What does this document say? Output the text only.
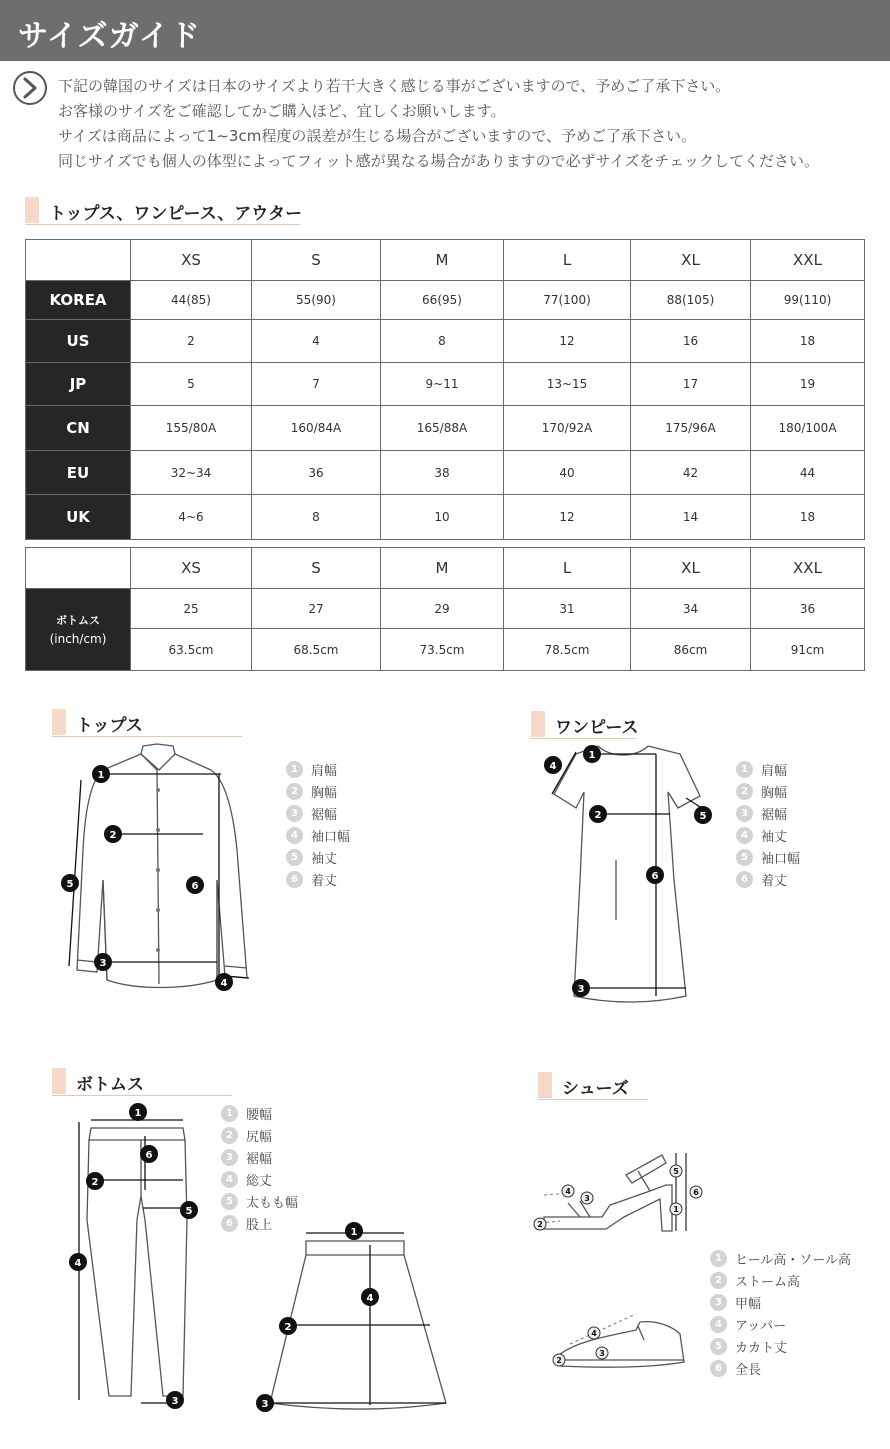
サイズガイド
下記の韓国のサイズは日本のサイズより若干大きく感じる事がございますので、予めご了承下さい。
お客様のサイズをご確認してかご購入ほど、宜しくお願いします。
サイズは商品によって1~3cm程度の誤差が生じる場合がございますので、予めご了承下さい。
同じサイズでも個人の体型によってフィット感が異なる場合がありますので必ずサイズをチェックしてください。
トップス、ワンピース、アウター
	XS	S	M	L	XL	XXL
KOREA	44(85)	55(90)	66(95)	77(100)	88(105)	99(110)
US	2	4	8	12	16	18
JP	5	7	9~11	13~15	17	19
CN	155/80A	160/84A	165/88A	170/92A	175/96A	180/100A
EU	32~34	36	38	40	42	44
UK	4~6	8	10	12	14	18
	XS	S	M	L	XL	XXL

ボトムス
(inch/cm)	25	27	29	31	34	36
	63.5cm	68.5cm	73.5cm	78.5cm	86cm	91cm
トップス
1
2
3
4
5	6
1	肩幅
2	胸幅
3	裾幅
4	袖口幅
5	袖丈
6	着丈
ワンピース
1
2
3
4
5
6
1	肩幅
2	胸幅
3	裾幅
4	袖丈
5	袖口幅
6	着丈
ボトムス
1
2
3
4
5
6
1
2
3
4
1	腰幅
2	尻幅
3	裾幅
4	総丈
5	太もも幅
6	股上
シューズ
1
2
3
4
5
6
2
3
4
1	ヒール高・ソール高
2	ストーム高
3	甲幅
4	アッパー
5	カカト丈
6	全長
